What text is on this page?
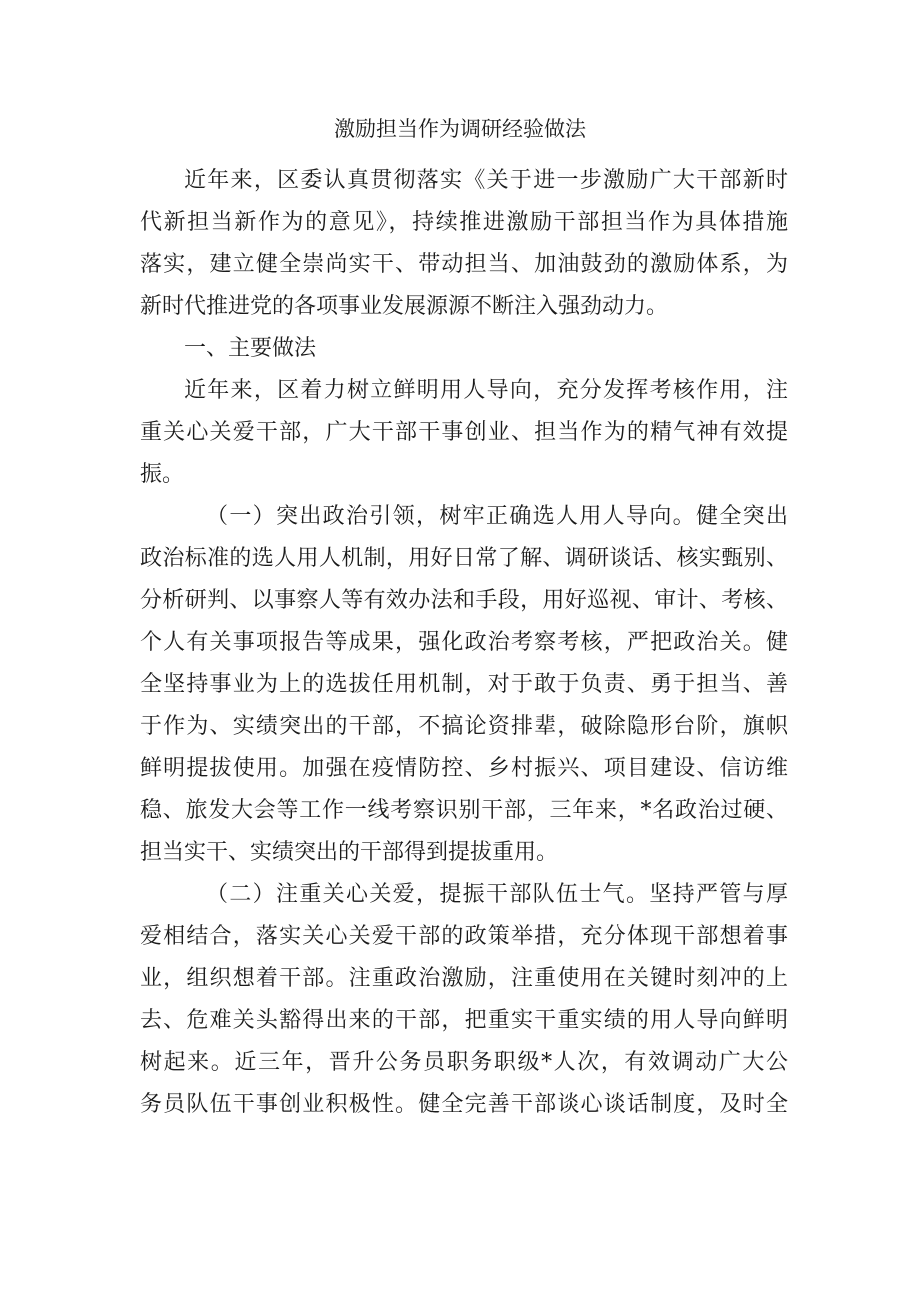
激励担当作为调研经验做法
近年来，区委认真贯彻落实《关于进一步激励广大干部新时
代新担当新作为的意见》，持续推进激励干部担当作为具体措施
落实，建立健全崇尚实干、带动担当、加油鼓劲的激励体系，为
新时代推进党的各项事业发展源源不断注入强劲动力。
一、主要做法
近年来，区着力树立鲜明用人导向，充分发挥考核作用，注
重关心关爱干部，广大干部干事创业、担当作为的精气神有效提
振。
（一）突出政治引领，树牢正确选人用人导向。健全突出
政治标准的选人用人机制，用好日常了解、调研谈话、核实甄别、
分析研判、以事察人等有效办法和手段，用好巡视、审计、考核、
个人有关事项报告等成果，强化政治考察考核，严把政治关。健
全坚持事业为上的选拔任用机制，对于敢于负责、勇于担当、善
于作为、实绩突出的干部，不搞论资排辈，破除隐形台阶，旗帜
鲜明提拔使用。加强在疫情防控、乡村振兴、项目建设、信访维
稳、旅发大会等工作一线考察识别干部，三年来，*名政治过硬、
担当实干、实绩突出的干部得到提拔重用。
（二）注重关心关爱，提振干部队伍士气。坚持严管与厚
爱相结合，落实关心关爱干部的政策举措，充分体现干部想着事
业，组织想着干部。注重政治激励，注重使用在关键时刻冲的上
去、危难关头豁得出来的干部，把重实干重实绩的用人导向鲜明
树起来。近三年，晋升公务员职务职级*人次，有效调动广大公
务员队伍干事创业积极性。健全完善干部谈心谈话制度，及时全
